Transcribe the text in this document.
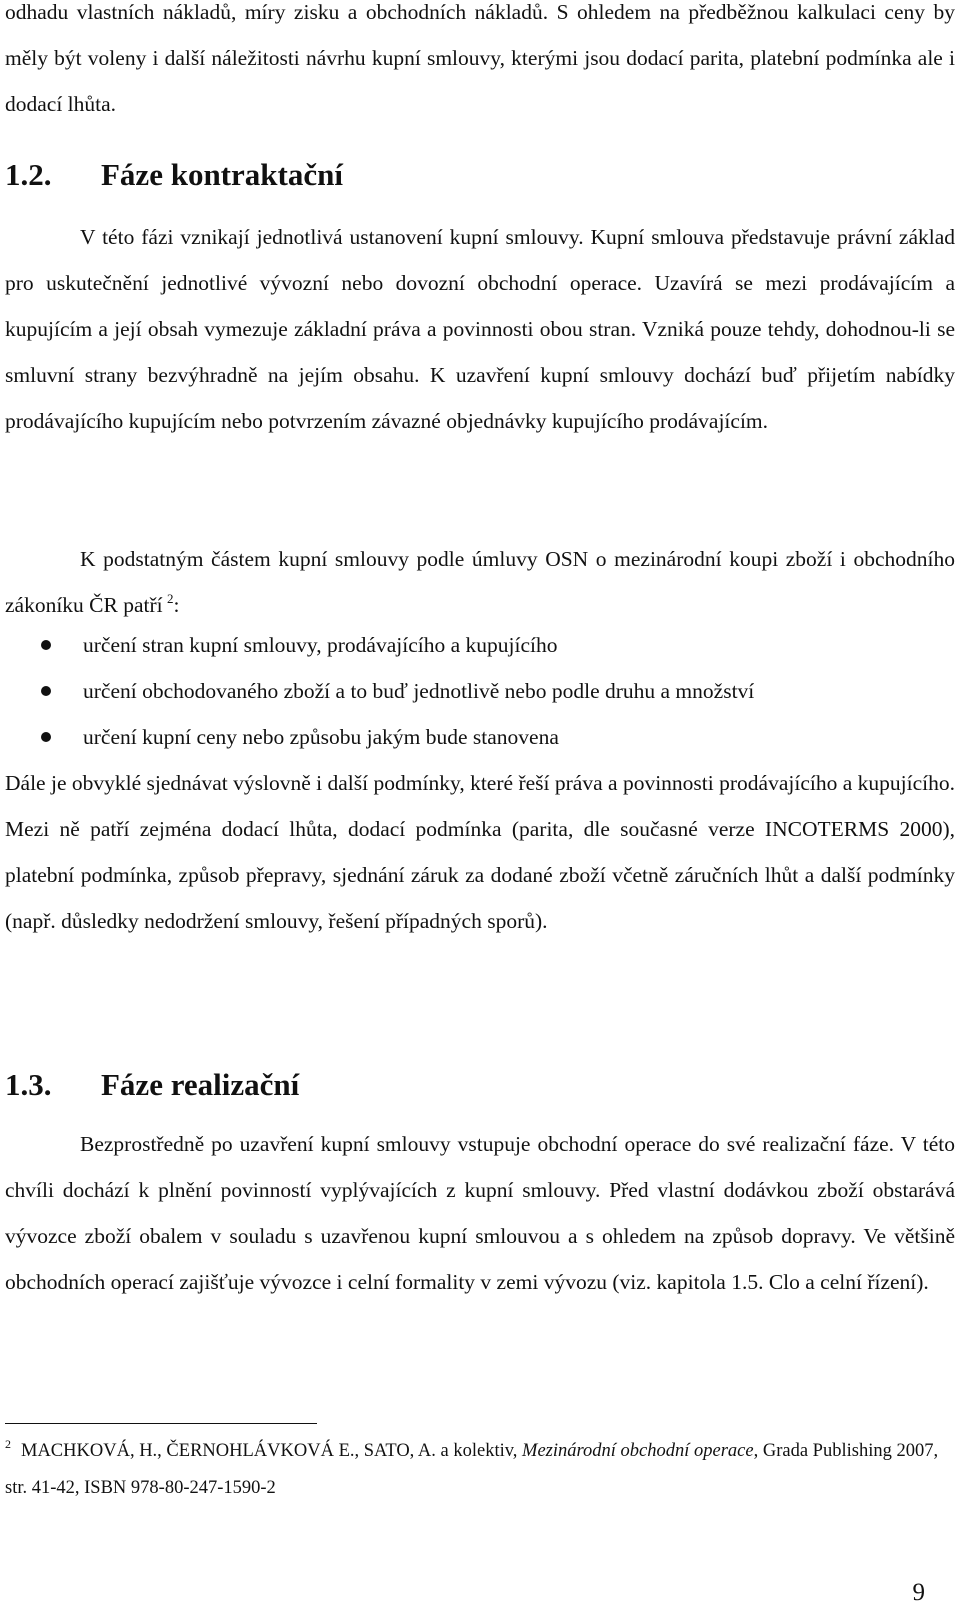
odhadu vlastních nákladů, míry zisku a obchodních nákladů. S ohledem na předběžnou kalkulaci ceny by měly být voleny i další náležitosti návrhu kupní smlouvy, kterými jsou dodací parita, platební podmínka ale i dodací lhůta.

1.2. Fáze kontraktační

V této fázi vznikají jednotlivá ustanovení kupní smlouvy. Kupní smlouva představuje právní základ pro uskutečnění jednotlivé vývozní nebo dovozní obchodní operace. Uzavírá se mezi prodávajícím a kupujícím a její obsah vymezuje základní práva a povinnosti obou stran. Vzniká pouze tehdy, dohodnou-li se smluvní strany bezvýhradně na jejím obsahu. K uzavření kupní smlouvy dochází buď přijetím nabídky prodávajícího kupujícím nebo potvrzením závazné objednávky kupujícího prodávajícím.

K podstatným částem kupní smlouvy podle úmluvy OSN o mezinárodní koupi zboží i obchodního zákoníku ČR patří  $^2$:

určení stran kupní smlouvy, prodávajícího a kupujícího
určení obchodovaného zboží a to buď jednotlivě nebo podle druhu a množství
určení kupní ceny nebo způsobu jakým bude stanovena

Dále je obvyklé sjednávat výslovně i další podmínky, které řeší práva a povinnosti prodávajícího a kupujícího. Mezi ně patří zejména dodací lhůta, dodací podmínka (parita, dle současné verze INCOTERMS 2000), platební podmínka, způsob přepravy, sjednání záruk za dodané zboží včetně záručních lhůt a další podmínky (např. důsledky nedodržení smlouvy, řešení případných sporů).

1.3. Fáze realizační

Bezprostředně po uzavření kupní smlouvy vstupuje obchodní operace do své realizační fáze. V této chvíli dochází k plnění povinností vyplývajících z kupní smlouvy. Před vlastní dodávkou zboží obstarává vývozce zboží obalem v souladu s uzavřenou kupní smlouvou a s ohledem na způsob dopravy. Ve většině obchodních operací zajišťuje vývozce i celní formality v zemi vývozu (viz. kapitola 1.5. Clo a celní řízení).

$^2$ MACHKOVÁ, H., ČERNOHLÁVKOVÁ E., SATO, A. a kolektiv, Mezinárodní obchodní operace, Grada Publishing 2007, str. 41-42, ISBN 978-80-247-1590-2

9
